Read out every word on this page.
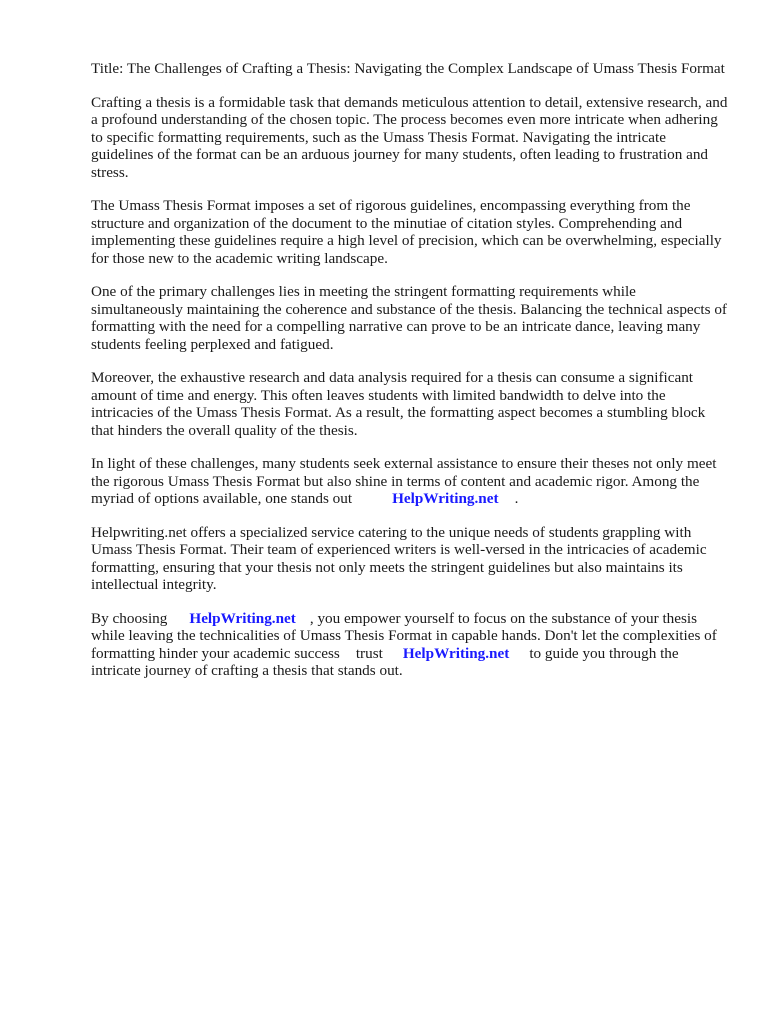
Title: The Challenges of Crafting a Thesis: Navigating the Complex Landscape of Umass Thesis Format

Crafting a thesis is a formidable task that demands meticulous attention to detail, extensive research, and a profound understanding of the chosen topic. The process becomes even more intricate when adhering to specific formatting requirements, such as the Umass Thesis Format. Navigating the intricate guidelines of the format can be an arduous journey for many students, often leading to frustration and stress.

The Umass Thesis Format imposes a set of rigorous guidelines, encompassing everything from the structure and organization of the document to the minutiae of citation styles. Comprehending and implementing these guidelines require a high level of precision, which can be overwhelming, especially for those new to the academic writing landscape.

One of the primary challenges lies in meeting the stringent formatting requirements while simultaneously maintaining the coherence and substance of the thesis. Balancing the technical aspects of formatting with the need for a compelling narrative can prove to be an intricate dance, leaving many students feeling perplexed and fatigued.

Moreover, the exhaustive research and data analysis required for a thesis can consume a significant amount of time and energy. This often leaves students with limited bandwidth to delve into the intricacies of the Umass Thesis Format. As a result, the formatting aspect becomes a stumbling block that hinders the overall quality of the thesis.

In light of these challenges, many students seek external assistance to ensure their theses not only meet the rigorous Umass Thesis Format but also shine in terms of content and academic rigor. Among the myriad of options available, one stands out	HelpWriting.net .

Helpwriting.net offers a specialized service catering to the unique needs of students grappling with Umass Thesis Format. Their team of experienced writers is well-versed in the intricacies of academic formatting, ensuring that your thesis not only meets the stringent guidelines but also maintains its intellectual integrity.

By choosing HelpWriting.net , you empower yourself to focus on the substance of your thesis while leaving the technicalities of Umass Thesis Format in capable hands. Don't let the complexities of formatting hinder your academic success trust HelpWriting.net to guide you through the intricate journey of crafting a thesis that stands out.
